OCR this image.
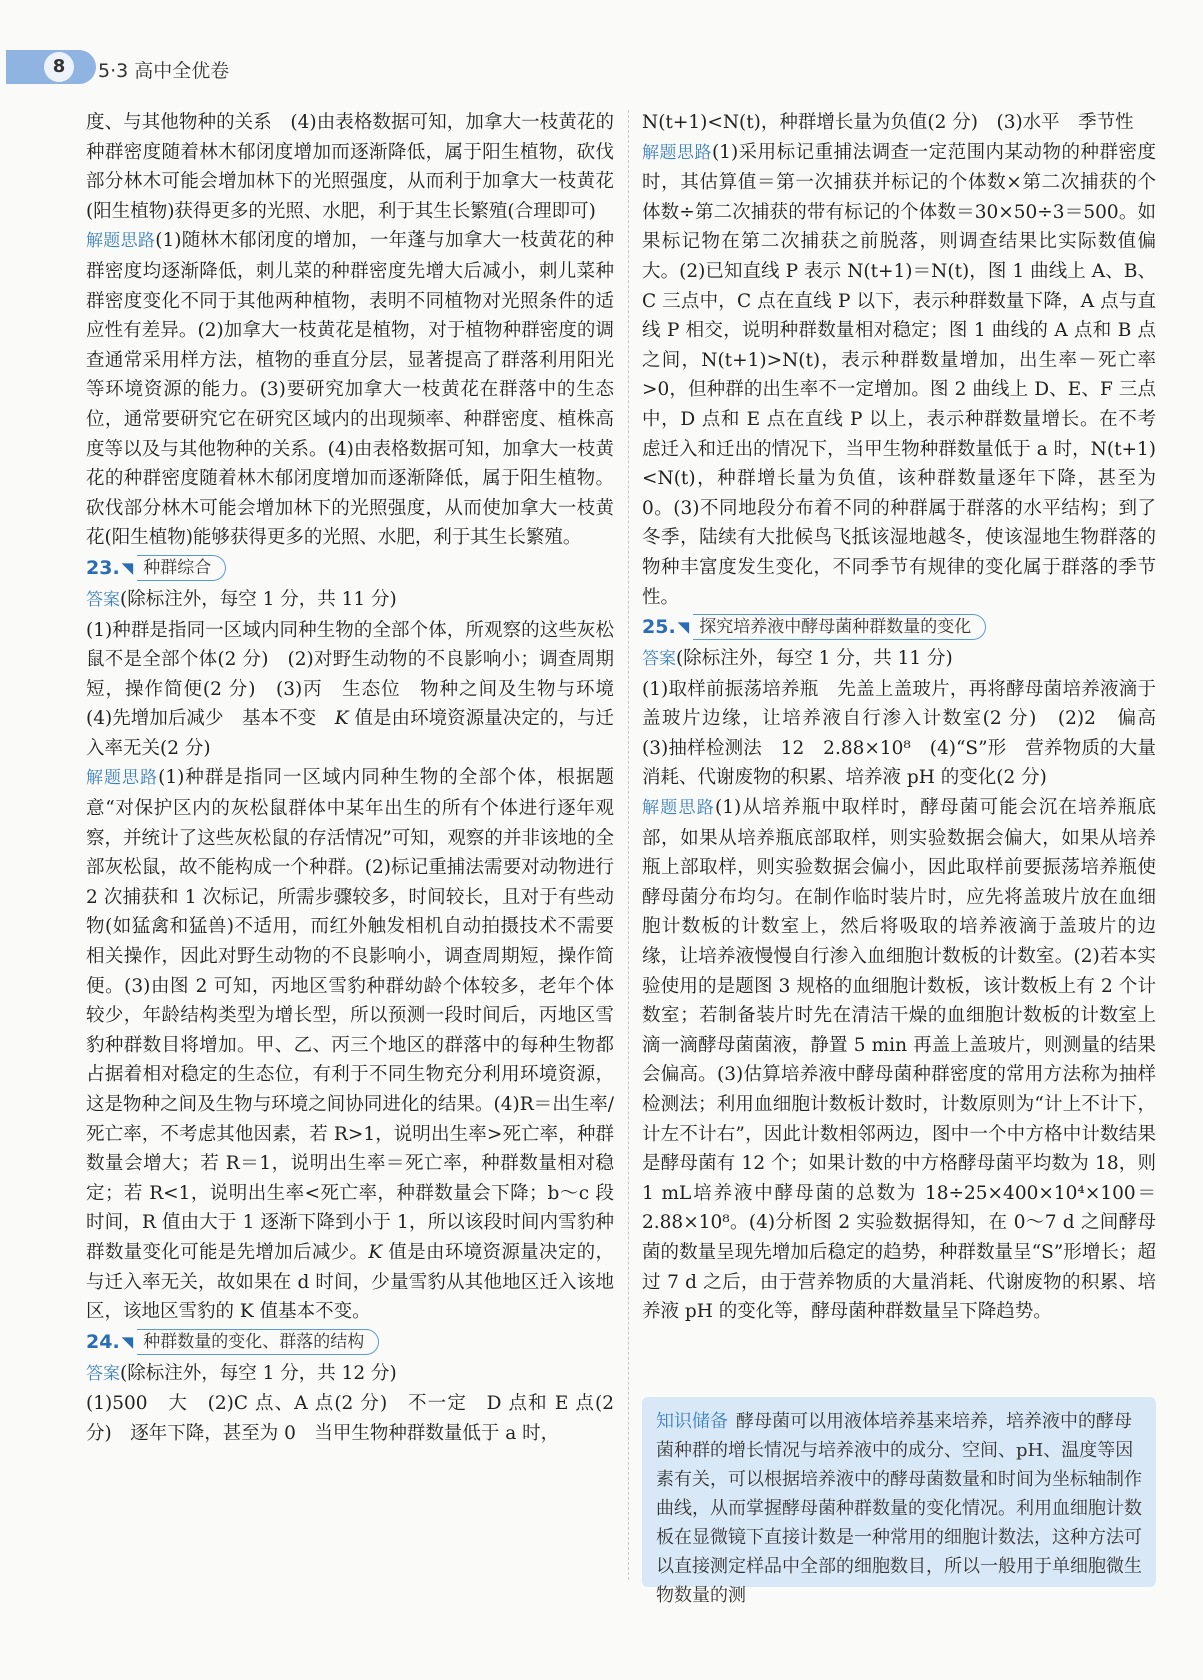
8	5·3 高中全优卷

度、与其他物种的关系　(4)由表格数据可知，加拿大一枝黄花的种群密度随着林木郁闭度增加而逐渐降低，属于阳生植物，砍伐部分林木可能会增加林下的光照强度，从而利于加拿大一枝黄花(阳生植物)获得更多的光照、水肥，利于其生长繁殖(合理即可)

解题思路(1)随林木郁闭度的增加，一年蓬与加拿大一枝黄花的种群密度均逐渐降低，刺儿菜的种群密度先增大后减小，刺儿菜种群密度变化不同于其他两种植物，表明不同植物对光照条件的适应性有差异。(2)加拿大一枝黄花是植物，对于植物种群密度的调查通常采用样方法，植物的垂直分层，显著提高了群落利用阳光等环境资源的能力。(3)要研究加拿大一枝黄花在群落中的生态位，通常要研究它在研究区域内的出现频率、种群密度、植株高度等以及与其他物种的关系。(4)由表格数据可知，加拿大一枝黄花的种群密度随着林木郁闭度增加而逐渐降低，属于阳生植物。砍伐部分林木可能会增加林下的光照强度，从而使加拿大一枝黄花(阳生植物)能够获得更多的光照、水肥，利于其生长繁殖。

23. ◥ 种群综合

答案(除标注外，每空 1 分，共 11 分)

(1)种群是指同一区域内同种生物的全部个体，所观察的这些灰松鼠不是全部个体(2 分)　(2)对野生动物的不良影响小；调查周期短，操作简便(2 分)　(3)丙　生态位　物种之间及生物与环境　(4)先增加后减少　基本不变　K 值是由环境资源量决定的，与迁入率无关(2 分)

解题思路(1)种群是指同一区域内同种生物的全部个体，根据题意“对保护区内的灰松鼠群体中某年出生的所有个体进行逐年观察，并统计了这些灰松鼠的存活情况”可知，观察的并非该地的全部灰松鼠，故不能构成一个种群。(2)标记重捕法需要对动物进行 2 次捕获和 1 次标记，所需步骤较多，时间较长，且对于有些动物(如猛禽和猛兽)不适用，而红外触发相机自动拍摄技术不需要相关操作，因此对野生动物的不良影响小，调查周期短，操作简便。(3)由图 2 可知，丙地区雪豹种群幼龄个体较多，老年个体较少，年龄结构类型为增长型，所以预测一段时间后，丙地区雪豹种群数目将增加。甲、乙、丙三个地区的群落中的每种生物都占据着相对稳定的生态位，有利于不同生物充分利用环境资源，这是物种之间及生物与环境之间协同进化的结果。(4)R＝出生率/死亡率，不考虑其他因素，若 R>1，说明出生率>死亡率，种群数量会增大；若 R＝1，说明出生率＝死亡率，种群数量相对稳定；若 R<1，说明出生率<死亡率，种群数量会下降；b～c 段时间，R 值由大于 1 逐渐下降到小于 1，所以该段时间内雪豹种群数量变化可能是先增加后减少。K 值是由环境资源量决定的，与迁入率无关，故如果在 d 时间，少量雪豹从其他地区迁入该地区，该地区雪豹的 K 值基本不变。

24. ◥ 种群数量的变化、群落的结构

答案(除标注外，每空 1 分，共 12 分)

(1)500　大　(2)C 点、A 点(2 分)　不一定　D 点和 E 点(2 分)　逐年下降，甚至为 0　当甲生物种群数量低于 a 时，

N(t+1)<N(t)，种群增长量为负值(2 分)　(3)水平　季节性

解题思路(1)采用标记重捕法调查一定范围内某动物的种群密度时，其估算值＝第一次捕获并标记的个体数×第二次捕获的个体数÷第二次捕获的带有标记的个体数＝30×50÷3＝500。如果标记物在第二次捕获之前脱落，则调查结果比实际数值偏大。(2)已知直线 P 表示 N(t+1)＝N(t)，图 1 曲线上 A、B、C 三点中，C 点在直线 P 以下，表示种群数量下降，A 点与直线 P 相交，说明种群数量相对稳定；图 1 曲线的 A 点和 B 点之间，N(t+1)>N(t)，表示种群数量增加，出生率－死亡率>0，但种群的出生率不一定增加。图 2 曲线上 D、E、F 三点中，D 点和 E 点在直线 P 以上，表示种群数量增长。在不考虑迁入和迁出的情况下，当甲生物种群数量低于 a 时，N(t+1)<N(t)，种群增长量为负值，该种群数量逐年下降，甚至为 0。(3)不同地段分布着不同的种群属于群落的水平结构；到了冬季，陆续有大批候鸟飞抵该湿地越冬，使该湿地生物群落的物种丰富度发生变化，不同季节有规律的变化属于群落的季节性。

25. ◥ 探究培养液中酵母菌种群数量的变化

答案(除标注外，每空 1 分，共 11 分)

(1)取样前振荡培养瓶　先盖上盖玻片，再将酵母菌培养液滴于盖玻片边缘，让培养液自行渗入计数室(2 分)　(2)2　偏高　(3)抽样检测法　12　2.88×10⁸　(4)“S”形　营养物质的大量消耗、代谢废物的积累、培养液 pH 的变化(2 分)

解题思路(1)从培养瓶中取样时，酵母菌可能会沉在培养瓶底部，如果从培养瓶底部取样，则实验数据会偏大，如果从培养瓶上部取样，则实验数据会偏小，因此取样前要振荡培养瓶使酵母菌分布均匀。在制作临时装片时，应先将盖玻片放在血细胞计数板的计数室上，然后将吸取的培养液滴于盖玻片的边缘，让培养液慢慢自行渗入血细胞计数板的计数室。(2)若本实验使用的是题图 3 规格的血细胞计数板，该计数板上有 2 个计数室；若制备装片时先在清洁干燥的血细胞计数板的计数室上滴一滴酵母菌菌液，静置 5 min 再盖上盖玻片，则测量的结果会偏高。(3)估算培养液中酵母菌种群密度的常用方法称为抽样检测法；利用血细胞计数板计数时，计数原则为“计上不计下，计左不计右”，因此计数相邻两边，图中一个中方格中计数结果是酵母菌有 12 个；如果计数的中方格酵母菌平均数为 18，则 1 mL培养液中酵母菌的总数为 18÷25×400×10⁴×100＝2.88×10⁸。(4)分析图 2 实验数据得知，在 0～7 d 之间酵母菌的数量呈现先增加后稳定的趋势，种群数量呈“S”形增长；超过 7 d 之后，由于营养物质的大量消耗、代谢废物的积累、培养液 pH 的变化等，酵母菌种群数量呈下降趋势。

知识储备 酵母菌可以用液体培养基来培养，培养液中的酵母菌种群的增长情况与培养液中的成分、空间、pH、温度等因素有关，可以根据培养液中的酵母菌数量和时间为坐标轴制作曲线，从而掌握酵母菌种群数量的变化情况。利用血细胞计数板在显微镜下直接计数是一种常用的细胞计数法，这种方法可以直接测定样品中全部的细胞数目，所以一般用于单细胞微生物数量的测
